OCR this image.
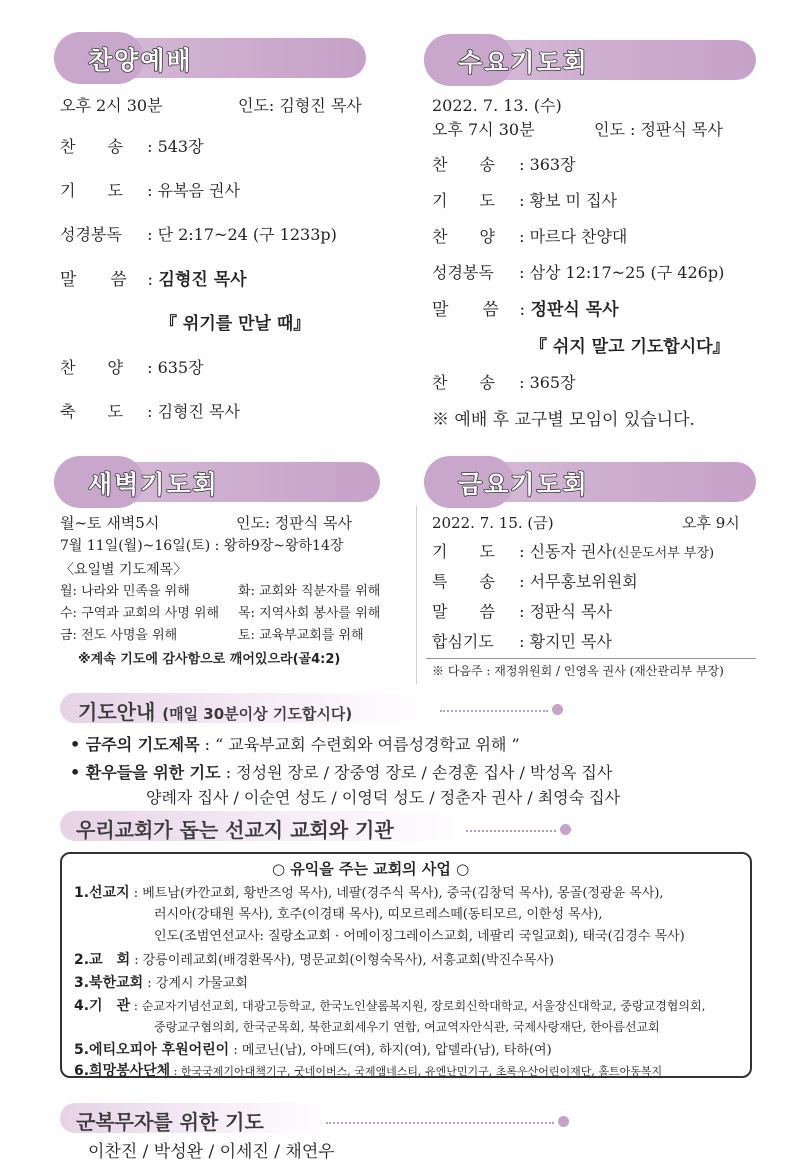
찬양예배
오후 2시 30분	인도: 김형진 목사
찬　　송 : 543장
기　　도 : 유복음 권사
성경봉독 : 단 2:17~24 (구 1233p)
말　　씀 : 김형진 목사
『 위기를 만날 때』
찬　　양 : 635장
축　　도 : 김형진 목사
수요기도회
2022. 7. 13. (수)
오후 7시 30분	인도 : 정판식 목사
찬　　송 : 363장
기　　도 : 황보 미 집사
찬　　양 : 마르다 찬양대
성경봉독 : 삼상 12:17~25 (구 426p)
말　　씀 : 정판식 목사
『 쉬지 말고 기도합시다』
찬　　송 : 365장
※ 예배 후 교구별 모임이 있습니다.
새벽기도회
월~토 새벽5시	인도: 정판식 목사
7월 11일(월)~16일(토) : 왕하9장~왕하14장
〈요일별 기도제목〉
월: 나라와 민족을 위해	화: 교회와 직분자를 위해
수: 구역과 교회의 사명 위해 목: 지역사회 봉사를 위해
금: 전도 사명을 위해	토: 교육부교회를 위해
※계속 기도에 감사함으로 깨어있으라(골4:2)
금요기도회
2022. 7. 15. (금)	오후 9시
기　　도 : 신동자 권사(신문도서부 부장)
특　　송 : 서무홍보위원회
말　　씀 : 정판식 목사
합심기도 : 황지민 목사
※ 다음주 : 재정위원회 / 인영옥 권사 (재산관리부 부장)
기도안내 (매일 30분이상 기도합시다)
• 금주의 기도제목 : “ 교육부교회 수련회와 여름성경학교 위해 ”
• 환우들을 위한 기도 : 정성원 장로 / 장중영 장로 / 손경훈 집사 / 박성옥 집사
양례자 집사 / 이순연 성도 / 이영덕 성도 / 정춘자 권사 / 최영숙 집사
우리교회가 돕는 선교지 교회와 기관
○ 유익을 주는 교회의 사업 ○
1.선교지 : 베트남(카깐교회, 황반즈엉 목사), 네팔(경주식 목사), 중국(김창덕 목사), 몽골(정광윤 목사),
러시아(강태원 목사), 호주(이경태 목사), 띠모르레스떼(동티모르, 이한성 목사),
인도(조범연선교사: 질랑소교회 · 어메이징그레이스교회, 네팔리 국일교회), 태국(김경수 목사)
2.교　회 : 강릉이레교회(배경환목사), 명문교회(이형숙목사), 서흥교회(박진수목사)
3.북한교회 : 강계시 가물교회
4.기　관 : 순교자기념선교회, 대광고등학교, 한국노인샬롬복지원, 장로회신학대학교, 서울장신대학교, 중랑교경협의회,
중랑교구협의회, 한국군목회, 북한교회세우기 연합, 여교역자안식관, 국제사랑재단, 한아름선교회
5.에티오피아 후원어린이 : 메코닌(남), 아메드(여), 하지(여), 압델라(남), 타하(여)
6.희망봉사단체 : 한국국제기아대책기구, 굿네이버스, 국제앰네스티, 유엔난민기구, 초록우산어린이재단, 홀트아동복지
군복무자를 위한 기도
이찬진 / 박성완 / 이세진 / 채연우
